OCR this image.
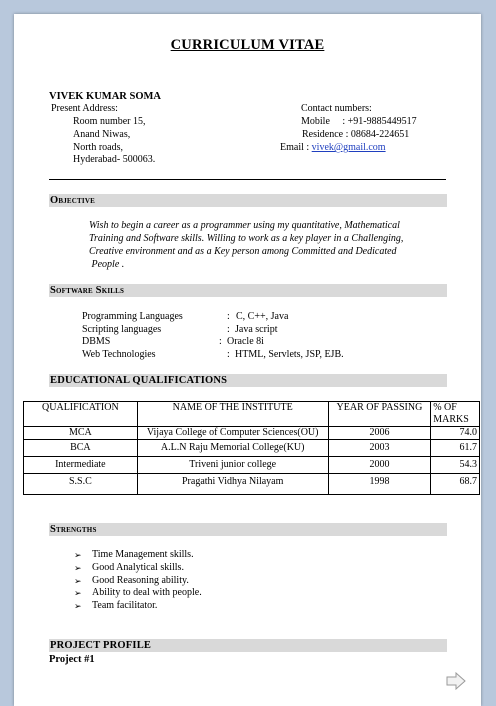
CURRICULUM VITAE
VIVEK KUMAR SOMA
Present Address:
Room number 15,
Anand Niwas,
North roads,
Hyderabad- 500063.
Contact numbers:
Mobile     : +91-9885449517
Residence : 08684-224651
Email : vivek@gmail.com
Objective
Wish to begin a career as a programmer using my quantitative, Mathematical
Training and Software skills. Willing to work as a key player in a Challenging,
Creative environment and as a Key person among Committed and Dedicated
People .
Software Skills
Programming Languages	: C, C++, Java
Scripting languages	: Java script
DBMS	: Oracle 8i
Web Technologies	: HTML, Servlets, JSP, EJB.
EDUCATIONAL QUALIFICATIONS
QUALIFICATION	NAME OF THE INSTITUTE	YEAR OF PASSING	% OF MARKS
MCA	Vijaya College of Computer Sciences(OU)	2006	74.0
BCA	A.L.N Raju Memorial College(KU)	2003	61.7
Intermediate	Triveni junior college	2000	54.3
S.S.C	Pragathi Vidhya Nilayam	1998	68.7
Strengths
➢ Time Management skills.
➢ Good Analytical skills.
➢ Good Reasoning ability.
➢ Ability to deal with people.
➢ Team facilitator.
PROJECT PROFILE
Project #1
